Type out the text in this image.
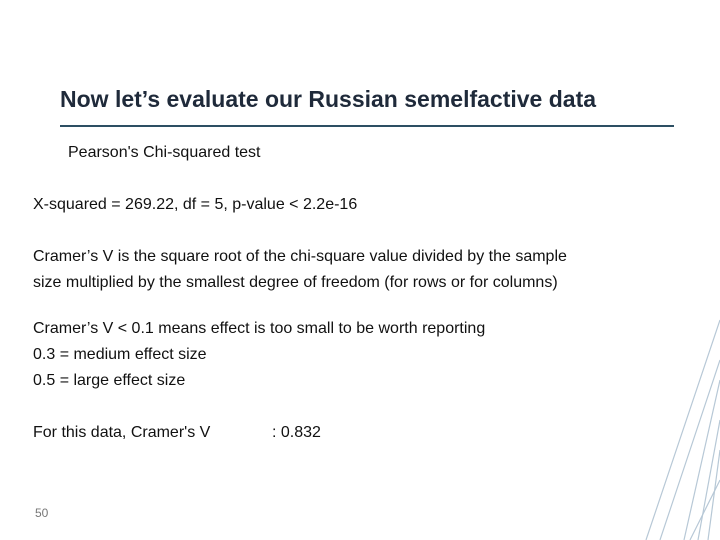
Now let’s evaluate our Russian semelfactive data
Pearson's Chi-squared test
X-squared = 269.22, df = 5, p-value < 2.2e-16
Cramer’s V is the square root of the chi-square value divided by the sample
size multiplied by the smallest degree of freedom (for rows or for columns)
Cramer’s V < 0.1 means effect is too small to be worth reporting
0.3 = medium effect size
0.5 = large effect size
For this data, Cramer's V	: 0.832
50
